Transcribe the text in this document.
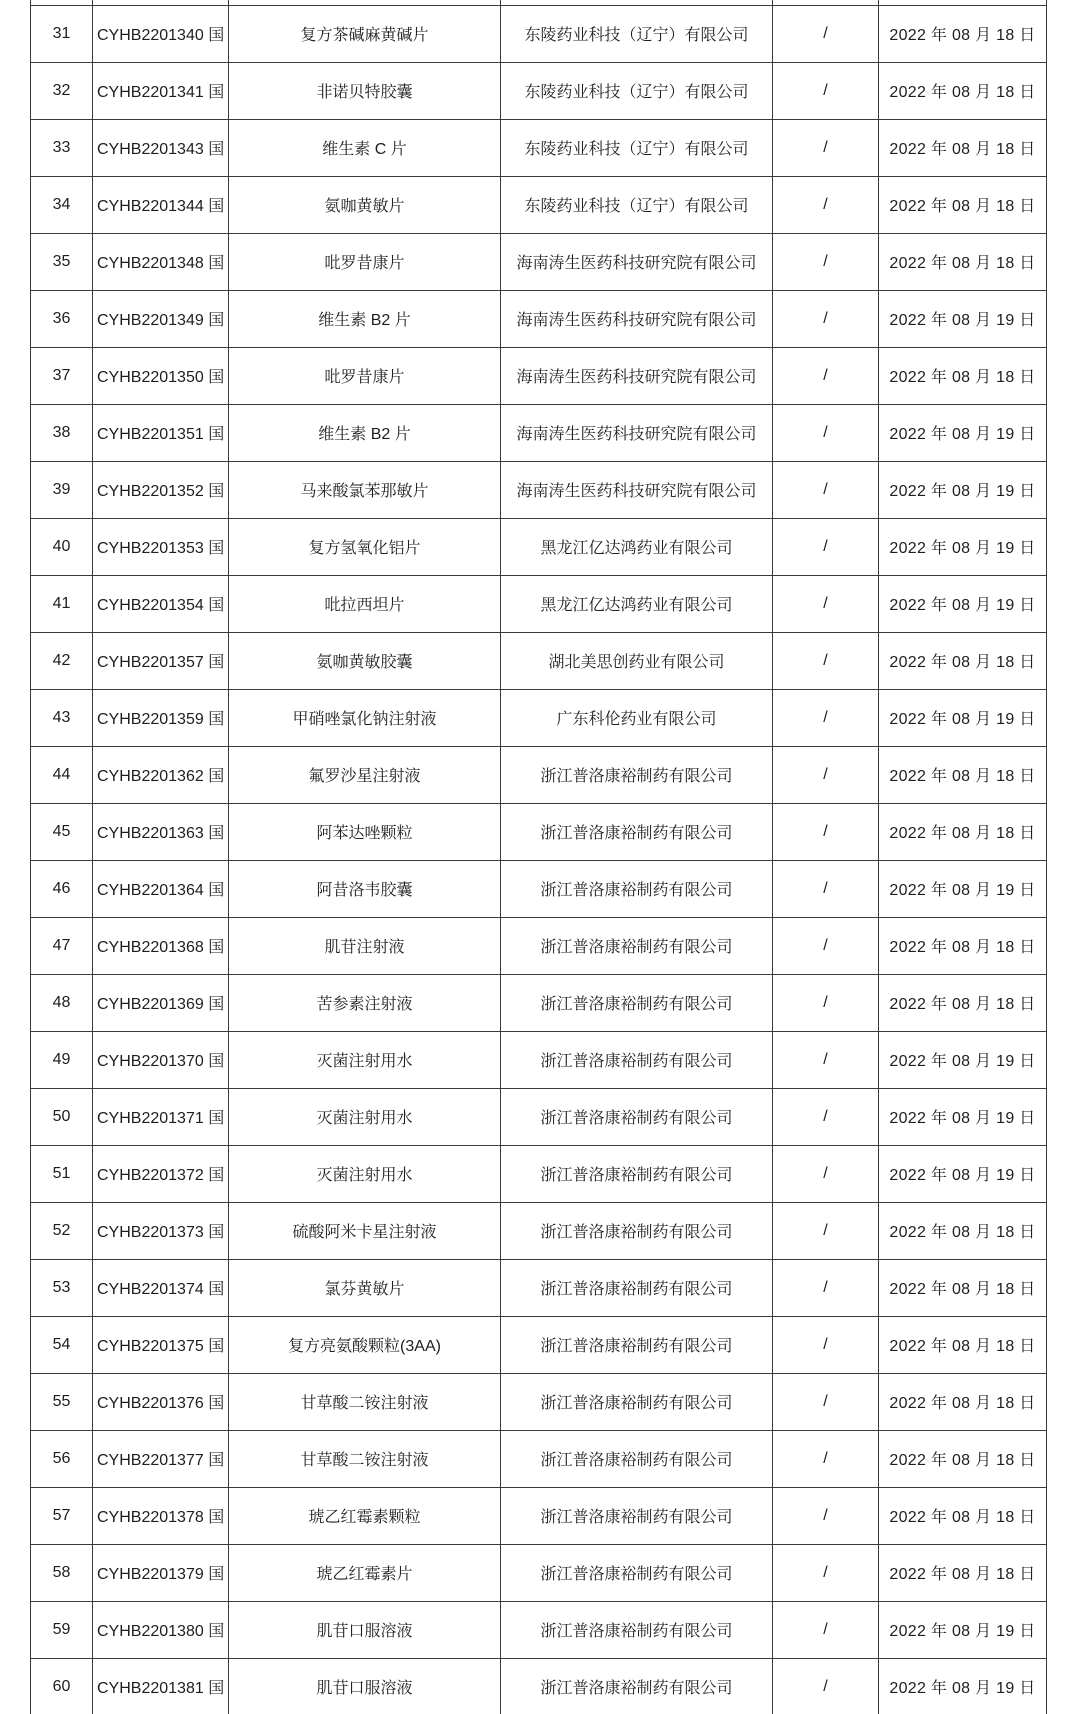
31	CYHB2201340 国	复方茶碱麻黄碱片	东陵药业科技（辽宁）有限公司	/	2022 年 08 月 18 日
32	CYHB2201341 国	非诺贝特胶囊	东陵药业科技（辽宁）有限公司	/	2022 年 08 月 18 日
33	CYHB2201343 国	维生素 C 片	东陵药业科技（辽宁）有限公司	/	2022 年 08 月 18 日
34	CYHB2201344 国	氨咖黄敏片	东陵药业科技（辽宁）有限公司	/	2022 年 08 月 18 日
35	CYHB2201348 国	吡罗昔康片	海南涛生医药科技研究院有限公司	/	2022 年 08 月 18 日
36	CYHB2201349 国	维生素 B2 片	海南涛生医药科技研究院有限公司	/	2022 年 08 月 19 日
37	CYHB2201350 国	吡罗昔康片	海南涛生医药科技研究院有限公司	/	2022 年 08 月 18 日
38	CYHB2201351 国	维生素 B2 片	海南涛生医药科技研究院有限公司	/	2022 年 08 月 19 日
39	CYHB2201352 国	马来酸氯苯那敏片	海南涛生医药科技研究院有限公司	/	2022 年 08 月 19 日
40	CYHB2201353 国	复方氢氧化铝片	黑龙江亿达鸿药业有限公司	/	2022 年 08 月 19 日
41	CYHB2201354 国	吡拉西坦片	黑龙江亿达鸿药业有限公司	/	2022 年 08 月 19 日
42	CYHB2201357 国	氨咖黄敏胶囊	湖北美思创药业有限公司	/	2022 年 08 月 18 日
43	CYHB2201359 国	甲硝唑氯化钠注射液	广东科伦药业有限公司	/	2022 年 08 月 19 日
44	CYHB2201362 国	氟罗沙星注射液	浙江普洛康裕制药有限公司	/	2022 年 08 月 18 日
45	CYHB2201363 国	阿苯达唑颗粒	浙江普洛康裕制药有限公司	/	2022 年 08 月 18 日
46	CYHB2201364 国	阿昔洛韦胶囊	浙江普洛康裕制药有限公司	/	2022 年 08 月 19 日
47	CYHB2201368 国	肌苷注射液	浙江普洛康裕制药有限公司	/	2022 年 08 月 18 日
48	CYHB2201369 国	苦参素注射液	浙江普洛康裕制药有限公司	/	2022 年 08 月 18 日
49	CYHB2201370 国	灭菌注射用水	浙江普洛康裕制药有限公司	/	2022 年 08 月 19 日
50	CYHB2201371 国	灭菌注射用水	浙江普洛康裕制药有限公司	/	2022 年 08 月 19 日
51	CYHB2201372 国	灭菌注射用水	浙江普洛康裕制药有限公司	/	2022 年 08 月 19 日
52	CYHB2201373 国	硫酸阿米卡星注射液	浙江普洛康裕制药有限公司	/	2022 年 08 月 18 日
53	CYHB2201374 国	氯芬黄敏片	浙江普洛康裕制药有限公司	/	2022 年 08 月 18 日
54	CYHB2201375 国	复方亮氨酸颗粒(3AA)	浙江普洛康裕制药有限公司	/	2022 年 08 月 18 日
55	CYHB2201376 国	甘草酸二铵注射液	浙江普洛康裕制药有限公司	/	2022 年 08 月 18 日
56	CYHB2201377 国	甘草酸二铵注射液	浙江普洛康裕制药有限公司	/	2022 年 08 月 18 日
57	CYHB2201378 国	琥乙红霉素颗粒	浙江普洛康裕制药有限公司	/	2022 年 08 月 18 日
58	CYHB2201379 国	琥乙红霉素片	浙江普洛康裕制药有限公司	/	2022 年 08 月 18 日
59	CYHB2201380 国	肌苷口服溶液	浙江普洛康裕制药有限公司	/	2022 年 08 月 19 日
60	CYHB2201381 国	肌苷口服溶液	浙江普洛康裕制药有限公司	/	2022 年 08 月 19 日
